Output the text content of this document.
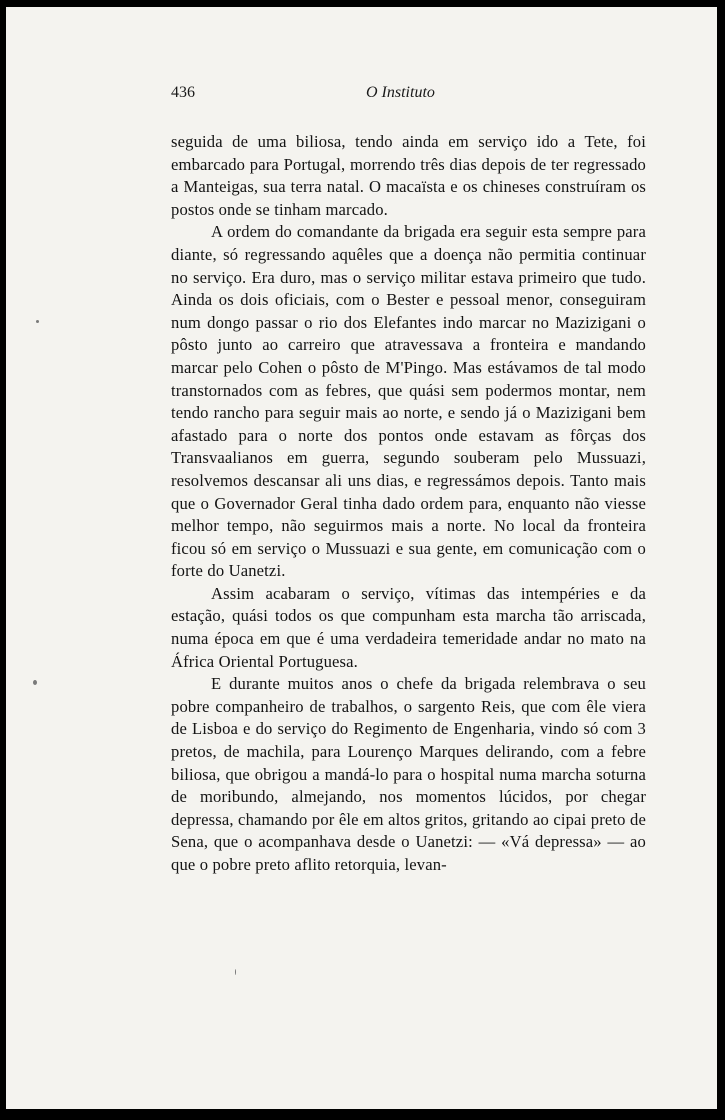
436	O Instituto

seguida de uma biliosa, tendo ainda em serviço ido a Tete, foi embarcado para Portugal, morrendo três dias depois de ter regressado a Manteigas, sua terra natal. O macaïsta e os chineses construíram os postos onde se tinham marcado.

A ordem do comandante da brigada era seguir esta sempre para diante, só regressando aquêles que a doença não permitia continuar no serviço. Era duro, mas o serviço militar estava primeiro que tudo. Ainda os dois oficiais, com o Bester e pessoal menor, conseguiram num dongo passar o rio dos Elefantes indo marcar no Mazizigani o pôsto junto ao carreiro que atravessava a fronteira e mandando marcar pelo Cohen o pôsto de M'Pingo. Mas estávamos de tal modo transtornados com as febres, que quási sem podermos montar, nem tendo rancho para seguir mais ao norte, e sendo já o Mazizigani bem afastado para o norte dos pontos onde estavam as fôrças dos Transvaalianos em guerra, segundo souberam pelo Mussuazi, resolvemos descansar ali uns dias, e regressámos depois. Tanto mais que o Governador Geral tinha dado ordem para, enquanto não viesse melhor tempo, não seguirmos mais a norte. No local da fronteira ficou só em serviço o Mussuazi e sua gente, em comunicação com o forte do Uanetzi.

Assim acabaram o serviço, vítimas das intempéries e da estação, quási todos os que compunham esta marcha tão arriscada, numa época em que é uma verdadeira temeridade andar no mato na África Oriental Portuguesa.

E durante muitos anos o chefe da brigada relembrava o seu pobre companheiro de trabalhos, o sargento Reis, que com êle viera de Lisboa e do serviço do Regimento de Engenharia, vindo só com 3 pretos, de machila, para Lourenço Marques delirando, com a febre biliosa, que obrigou a mandá-lo para o hospital numa marcha soturna de moribundo, almejando, nos momentos lúcidos, por chegar depressa, chamando por êle em altos gritos, gritando ao cipai preto de Sena, que o acompanhava desde o Uanetzi: — «Vá depressa» — ao que o pobre preto aflito retorquia, levan-
